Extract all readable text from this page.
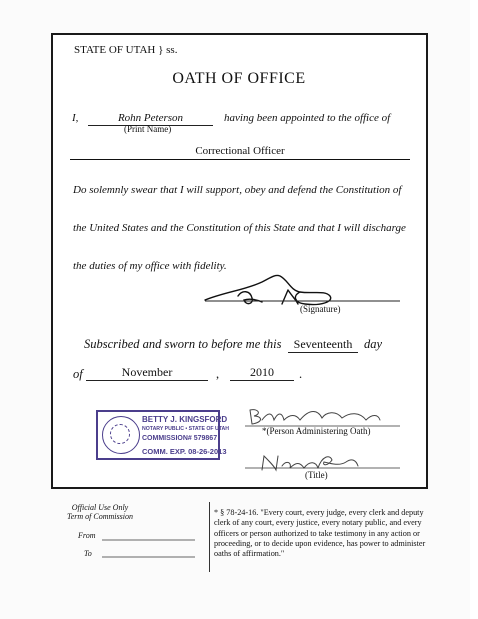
STATE OF UTAH } ss.
OATH OF OFFICE
I,	Rohn Peterson
(Print Name)
having been appointed to the office of
Correctional Officer
Do solemnly swear that I will support, obey and defend the Constitution of
the United States and the Constitution of this State and that I will discharge
the duties of my office with fidelity.
(Signature)
Subscribed and sworn to before me this	Seventeenth day
of	November	,	2010	.
BETTY J. KINGSFORD
NOTARY PUBLIC • STATE OF UTAH
COMMISSION# 579867
COMM. EXP. 08-26-2013
*(Person Administering Oath)
(Title)
Official Use Only
Term of Commission
From
To
* § 78-24-16. "Every court, every judge, every clerk and deputy clerk of any court, every justice, every notary public, and every officers or person authorized to take testimony in any action or proceeding, or to decide upon evidence, has power to administer oaths of affirmation."
